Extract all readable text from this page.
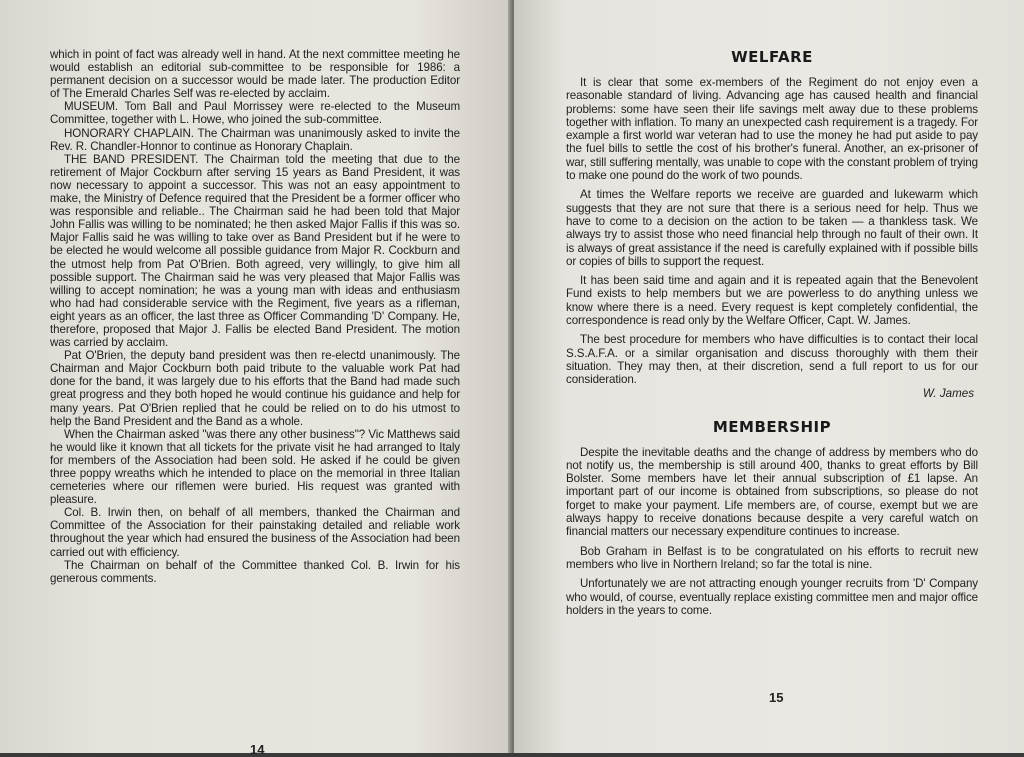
which in point of fact was already well in hand. At the next committee meeting he would establish an editorial sub-committee to be responsible for 1986: a permanent decision on a successor would be made later. The production Editor of The Emerald Charles Self was re-elected by acclaim.

MUSEUM. Tom Ball and Paul Morrissey were re-elected to the Museum Committee, together with L. Howe, who joined the sub-committee.

HONORARY CHAPLAIN. The Chairman was unanimously asked to invite the Rev. R. Chandler-Honnor to continue as Honorary Chaplain.

THE BAND PRESIDENT. The Chairman told the meeting that due to the retirement of Major Cockburn after serving 15 years as Band President, it was now necessary to appoint a successor. This was not an easy appointment to make, the Ministry of Defence required that the President be a former officer who was responsible and reliable.. The Chairman said he had been told that Major John Fallis was willing to be nominated; he then asked Major Fallis if this was so. Major Fallis said he was willing to take over as Band President but if he were to be elected he would welcome all possible guidance from Major R. Cockburn and the utmost help from Pat O'Brien. Both agreed, very willingly, to give him all possible support. The Chairman said he was very pleased that Major Fallis was willing to accept nomination; he was a young man with ideas and enthusiasm who had had considerable service with the Regiment, five years as a rifleman, eight years as an officer, the last three as Officer Commanding 'D' Company. He, therefore, proposed that Major J. Fallis be elected Band President. The motion was carried by acclaim.

Pat O'Brien, the deputy band president was then re-electd unanimously. The Chairman and Major Cockburn both paid tribute to the valuable work Pat had done for the band, it was largely due to his efforts that the Band had made such great progress and they both hoped he would continue his guidance and help for many years. Pat O'Brien replied that he could be relied on to do his utmost to help the Band President and the Band as a whole.

When the Chairman asked "was there any other business"? Vic Matthews said he would like it known that all tickets for the private visit he had arranged to Italy for members of the Association had been sold. He asked if he could be given three poppy wreaths which he intended to place on the memorial in three Italian cemeteries where our riflemen were buried. His request was granted with pleasure.

Col. B. Irwin then, on behalf of all members, thanked the Chairman and Committee of the Association for their painstaking detailed and reliable work throughout the year which had ensured the business of the Association had been carried out with efficiency.

The Chairman on behalf of the Committee thanked Col. B. Irwin for his generous comments.

14
WELFARE

It is clear that some ex-members of the Regiment do not enjoy even a reasonable standard of living. Advancing age has caused health and financial problems: some have seen their life savings melt away due to these problems together with inflation. To many an unexpected cash requirement is a tragedy. For example a first world war veteran had to use the money he had put aside to pay the fuel bills to settle the cost of his brother's funeral. Another, an ex-prisoner of war, still suffering mentally, was unable to cope with the constant problem of trying to make one pound do the work of two pounds.

At times the Welfare reports we receive are guarded and lukewarm which suggests that they are not sure that there is a serious need for help. Thus we have to come to a decision on the action to be taken — a thankless task. We always try to assist those who need financial help through no fault of their own. It is always of great assistance if the need is carefully explained with if possible bills or copies of bills to support the request.

It has been said time and again and it is repeated again that the Benevolent Fund exists to help members but we are powerless to do anything unless we know where there is a need. Every request is kept completely confidential, the correspondence is read only by the Welfare Officer, Capt. W. James.

The best procedure for members who have difficulties is to contact their local S.S.A.F.A. or a similar organisation and discuss thoroughly with them their situation. They may then, at their discretion, send a full report to us for our consideration.

W. James
MEMBERSHIP

Despite the inevitable deaths and the change of address by members who do not notify us, the membership is still around 400, thanks to great efforts by Bill Bolster. Some members have let their annual subscription of £1 lapse. An important part of our income is obtained from subscriptions, so please do not forget to make your payment. Life members are, of course, exempt but we are always happy to receive donations because despite a very careful watch on financial matters our necessary expenditure continues to increase.

Bob Graham in Belfast is to be congratulated on his efforts to recruit new members who live in Northern Ireland; so far the total is nine.

Unfortunately we are not attracting enough younger recruits from 'D' Company who would, of course, eventually replace existing committee men and major office holders in the years to come.

15
